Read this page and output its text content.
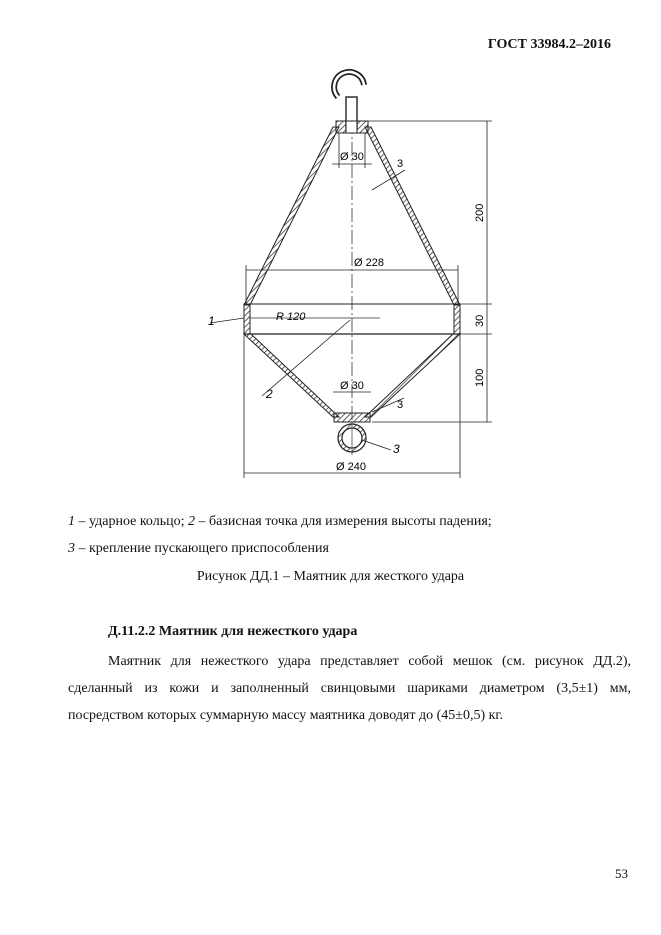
ГОСТ 33984.2–2016
Ø 30
Ø 228
R 120
Ø 30
Ø 240
200
30
100
3
3
1
2
3
1 – ударное кольцо; 2 – базисная точка для измерения высоты падения;
3 – крепление пускающего приспособления
Рисунок ДД.1 – Маятник для жесткого удара
Д.11.2.2 Маятник для нежесткого удара
Маятник для нежесткого удара представляет собой мешок (см. рисунок ДД.2), сделанный из кожи и заполненный свинцовыми шариками диаметром (3,5±1) мм, посредством которых суммарную массу маятника доводят до (45±0,5) кг.
53
